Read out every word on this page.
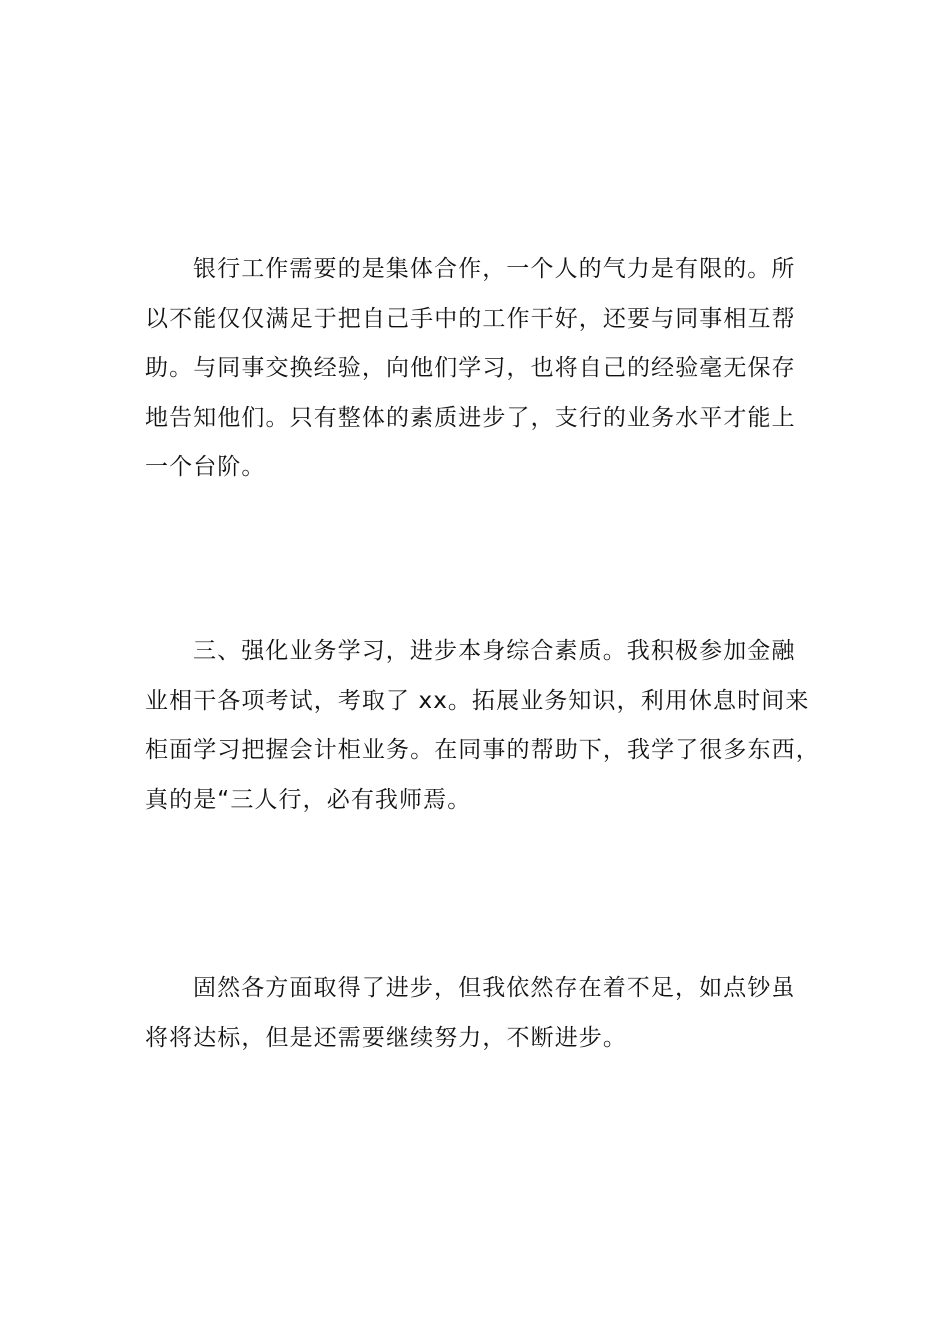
银行工作需要的是集体合作，一个人的气力是有限的。所
以不能仅仅满足于把自己手中的工作干好，还要与同事相互帮
助。与同事交换经验，向他们学习，也将自己的经验毫无保存
地告知他们。只有整体的素质进步了，支行的业务水平才能上
一个台阶。
三、强化业务学习，进步本身综合素质。我积极参加金融
业相干各项考试，考取了 xx。拓展业务知识，利用休息时间来
柜面学习把握会计柜业务。在同事的帮助下，我学了很多东西，
真的是“三人行，必有我师焉。
固然各方面取得了进步，但我依然存在着不足，如点钞虽
将将达标，但是还需要继续努力，不断进步。
